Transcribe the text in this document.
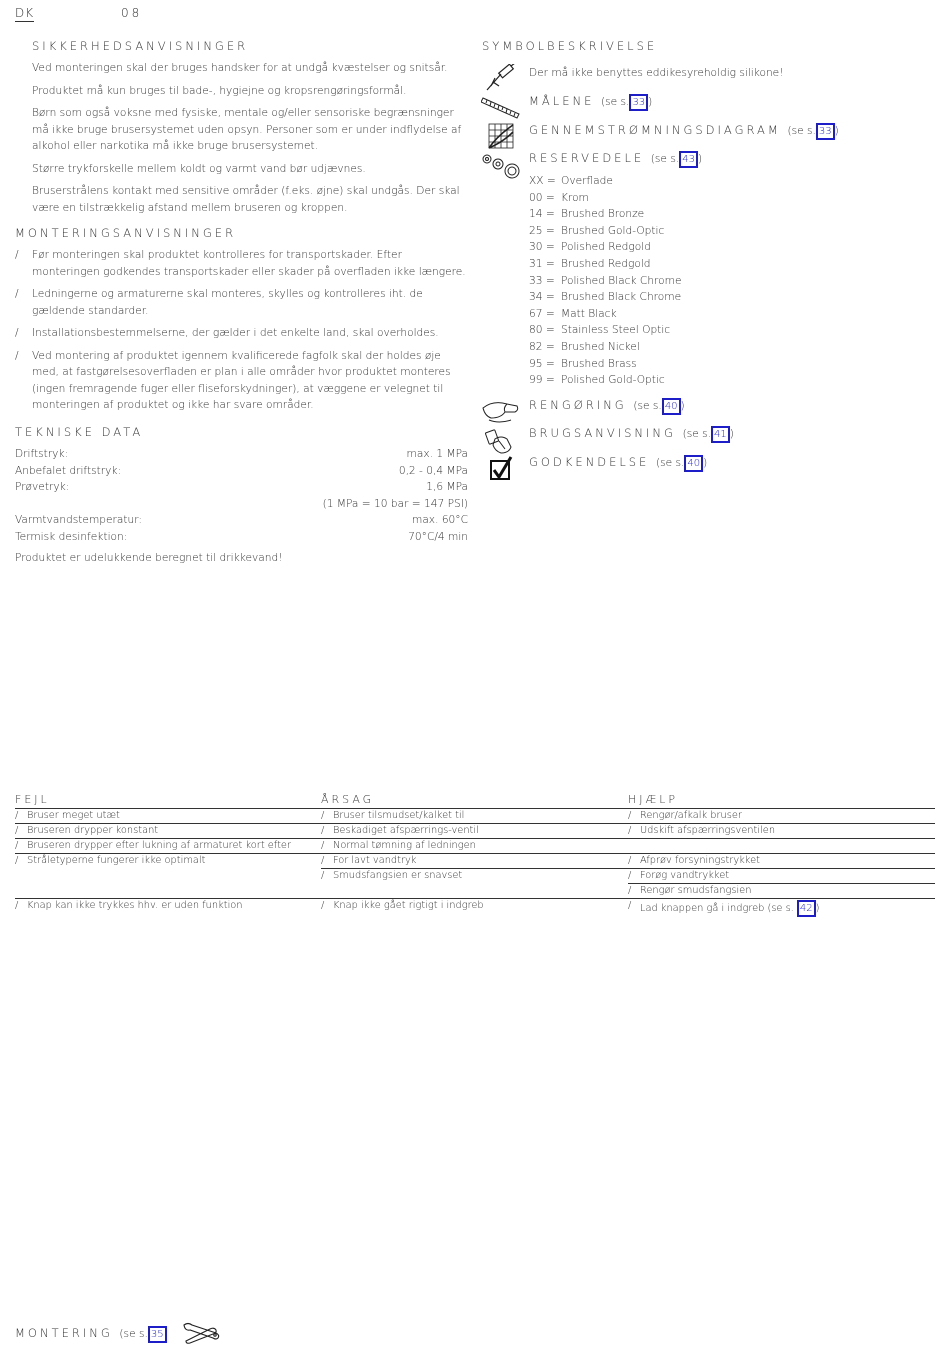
DK	08
SIKKERHEDSANVISNINGER

Ved monteringen skal der bruges handsker for at undgå kvæstelser og snitsår.

Produktet må kun bruges til bade-, hygiejne og kropsrengøringsformål.

Børn som også voksne med fysiske, mentale og/eller sensoriske begrænsninger må ikke bruge brusersystemet uden opsyn. Personer som er under indflydelse af alkohol eller narkotika må ikke bruge brusersystemet.

Større trykforskelle mellem koldt og varmt vand bør udjævnes.

Bruserstrålens kontakt med sensitive områder (f.eks. øjne) skal undgås. Der skal være en tilstrækkelig afstand mellem bruseren og kroppen.

MONTERINGSANVISNINGER

/ Før monteringen skal produktet kontrolleres for transportskader. Efter monteringen godkendes transportskader eller skader på overfladen ikke længere.

/ Ledningerne og armaturerne skal monteres, skylles og kontrolleres iht. de gældende standarder.

/ Installationsbestemmelserne, der gælder i det enkelte land, skal overholdes.

/ Ved montering af produktet igennem kvalificerede fagfolk skal der holdes øje med, at fastgørelsesoverfladen er plan i alle områder hvor produktet monteres (ingen fremragende fuger eller fliseforskydninger), at væggene er velegnet til monteringen af produktet og ikke har svare områder.

TEKNISKE DATA
Driftstryk:	max. 1 MPa
Anbefalet driftstryk:	0,2 - 0,4 MPa
Prøvetryk:	1,6 MPa
(1 MPa = 10 bar = 147 PSI)
Varmtvandstemperatur:	max. 60°C
Termisk desinfektion:	70°C/4 min
Produktet er udelukkende beregnet til drikkevand!
SYMBOLBESKRIVELSE
Der må ikke benyttes eddikesyreholdig silikone!
MÅLENE (se s. 33 )
GENNEMSTRØMNINGSDIAGRAM (se s. 33 )
RESERVEDELE (se s. 43 )
XX = Overflade
00 = Krom
14 = Brushed Bronze
25 = Brushed Gold-Optic
30 = Polished Redgold
31 = Brushed Redgold
33 = Polished Black Chrome
34 = Brushed Black Chrome
67 = Matt Black
80 = Stainless Steel Optic
82 = Brushed Nickel
95 = Brushed Brass
99 = Polished Gold-Optic
RENGØRING (se s. 40 )
BRUGSANVISNING (se s. 41 )
GODKENDELSE (se s. 40 )
FEJL	ÅRSAG	HJÆLP

/ Bruser meget utæt	/ Bruser tilsmudset/kalket til	/ Rengør/afkalk bruser

/ Bruseren drypper konstant	/ Beskadiget afspærrings-ventil	/ Udskift afspærringsventilen

/ Bruseren drypper efter lukning af armaturet kort efter	/ Normal tømning af ledningen

/ Stråletyperne fungerer ikke optimalt	/ For lavt vandtryk	/ Afprøv forsyningstrykket

	/ Smudsfangsien er snavset	/ Forøg vandtrykket

		/ Rengør smudsfangsien

/ Knap kan ikke trykkes hhv. er uden funktion	/ Knap ikke gået rigtigt i indgreb	/ Lad knappen gå i indgreb (se s. 42 )
MONTERING (se s. 35
